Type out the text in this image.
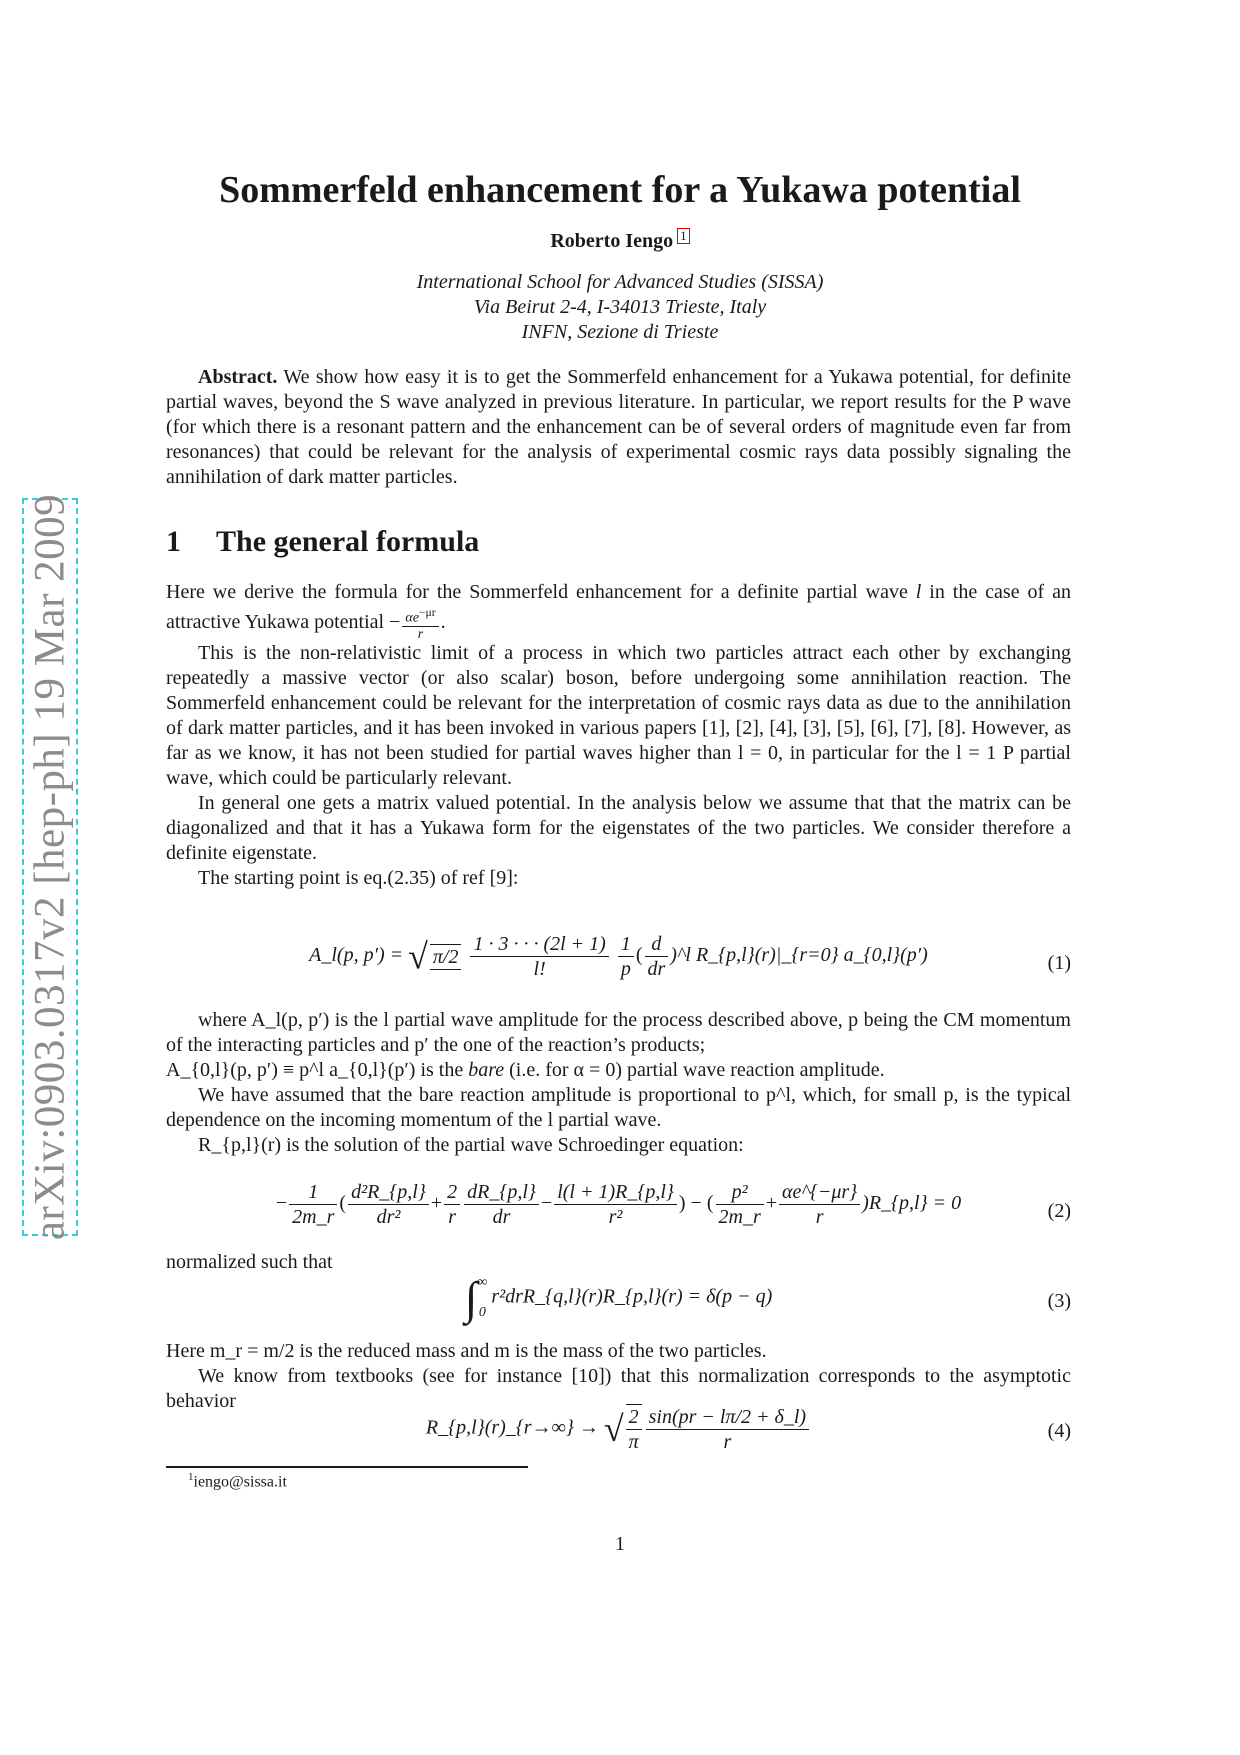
arXiv:0903.0317v2 [hep-ph] 19 Mar 2009
Sommerfeld enhancement for a Yukawa potential
Roberto Iengo 1
International School for Advanced Studies (SISSA)
Via Beirut 2-4, I-34013 Trieste, Italy
INFN, Sezione di Trieste

Abstract. We show how easy it is to get the Sommerfeld enhancement for a Yukawa potential, for definite partial waves, beyond the S wave analyzed in previous literature. In particular, we report results for the P wave (for which there is a resonant pattern and the enhancement can be of several orders of magnitude even far from resonances) that could be relevant for the analysis of experimental cosmic rays data possibly signaling the annihilation of dark matter particles.

1 The general formula

Here we derive the formula for the Sommerfeld enhancement for a definite partial wave l in the case of an attractive Yukawa potential − $\frac{\alpha e^{-\mu r}}{r}$ .

This is the non-relativistic limit of a process in which two particles attract each other by exchanging repeatedly a massive vector (or also scalar) boson, before undergoing some annihilation reaction. The Sommerfeld enhancement could be relevant for the interpretation of cosmic rays data as due to the annihilation of dark matter particles, and it has been invoked in various papers [1], [2], [4], [3], [5], [6], [7], [8]. However, as far as we know, it has not been studied for partial waves higher than l = 0, in particular for the l = 1 P partial wave, which could be particularly relevant.

In general one gets a matrix valued potential. In the analysis below we assume that that the matrix can be diagonalized and that it has a Yukawa form for the eigenstates of the two particles. We consider therefore a definite eigenstate.

The starting point is eq.(2.35) of ref [9]:

A_l(p, p′) = √ π/2
$\frac{1 \cdot 3 \cdot \cdot \cdot (2l + 1)}{l!}$
$\frac{1}{p}$ ( $\frac{d}{dr}$ )^l R_{p,l}(r)|_{r=0} a_{0,l}(p′)	(1)

where A_l(p, p′) is the l partial wave amplitude for the process described above, p being the CM momentum of the interacting particles and p′ the one of the reaction’s products;

A_{0,l}(p, p′) ≡ p^l a_{0,l}(p′) is the bare (i.e. for α = 0) partial wave reaction amplitude.

We have assumed that the bare reaction amplitude is proportional to p^l, which, for small p, is the typical dependence on the incoming momentum of the l partial wave.

R_{p,l}(r) is the solution of the partial wave Schroedinger equation:

− $\frac{1}{2m\_r}$ ( $\frac{\text{d²R\_\{p,l\}}}{\text{dr²}} + \frac{2}{r} \frac{dR\_\{p,l\}}{dr} - \frac{l(l + 1)R\_\{p,l\}}{\text{r²}}$ ) − ( $\frac{\text{p²}}{2m\_r} + \frac{\alpha e\^{}\{-\mu r\}}{r}$ )R_{p,l} = 0	(2)

normalized such that

∫ ∞
0
r²drR_{q,l}(r)R_{p,l}(r) = δ(p − q)	(3)

Here m_r = m/2 is the reduced mass and m is the mass of the two particles.

We know from textbooks (see for instance [10]) that this normalization corresponds to the asymptotic behavior

R_{p,l}(r)_{r→∞} → √ $\frac{2}{\pi} \frac{\sin(pr - l\pi/2 + \delta\_l)}{r}$	(4)
$^1$iengo@sissa.it
1
